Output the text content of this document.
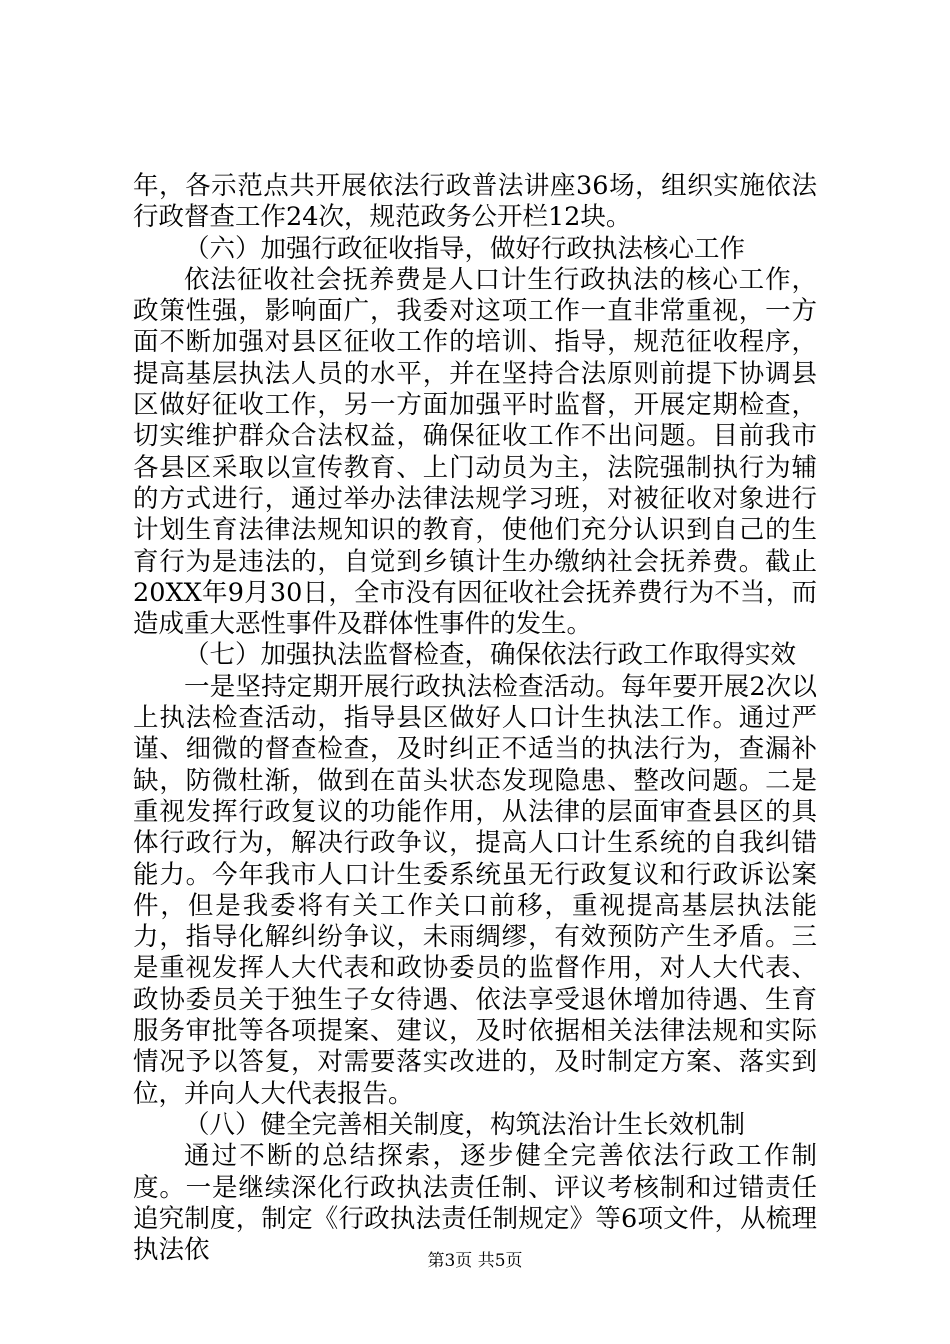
年，各示范点共开展依法行政普法讲座36场，组织实施依法行政督查工作24次，规范政务公开栏12块。

（六）加强行政征收指导，做好行政执法核心工作

依法征收社会抚养费是人口计生行政执法的核心工作，政策性强，影响面广，我委对这项工作一直非常重视，一方面不断加强对县区征收工作的培训、指导，规范征收程序，提高基层执法人员的水平，并在坚持合法原则前提下协调县区做好征收工作，另一方面加强平时监督，开展定期检查，切实维护群众合法权益，确保征收工作不出问题。目前我市各县区采取以宣传教育、上门动员为主，法院强制执行为辅的方式进行，通过举办法律法规学习班，对被征收对象进行计划生育法律法规知识的教育，使他们充分认识到自己的生育行为是违法的，自觉到乡镇计生办缴纳社会抚养费。截止20XX年9月30日，全市没有因征收社会抚养费行为不当，而造成重大恶性事件及群体性事件的发生。

（七）加强执法监督检查，确保依法行政工作取得实效

一是坚持定期开展行政执法检查活动。每年要开展2次以上执法检查活动，指导县区做好人口计生执法工作。通过严谨、细微的督查检查，及时纠正不适当的执法行为，查漏补缺，防微杜渐，做到在苗头状态发现隐患、整改问题。二是重视发挥行政复议的功能作用，从法律的层面审查县区的具体行政行为，解决行政争议，提高人口计生系统的自我纠错能力。今年我市人口计生委系统虽无行政复议和行政诉讼案件，但是我委将有关工作关口前移，重视提高基层执法能力，指导化解纠纷争议，未雨绸缪，有效预防产生矛盾。三是重视发挥人大代表和政协委员的监督作用，对人大代表、政协委员关于独生子女待遇、依法享受退休增加待遇、生育服务审批等各项提案、建议，及时依据相关法律法规和实际情况予以答复，对需要落实改进的，及时制定方案、落实到位，并向人大代表报告。

（八）健全完善相关制度，构筑法治计生长效机制

通过不断的总结探索，逐步健全完善依法行政工作制度。一是继续深化行政执法责任制、评议考核制和过错责任追究制度，制定《行政执法责任制规定》等6项文件，从梳理执法依	第3页 共5页
